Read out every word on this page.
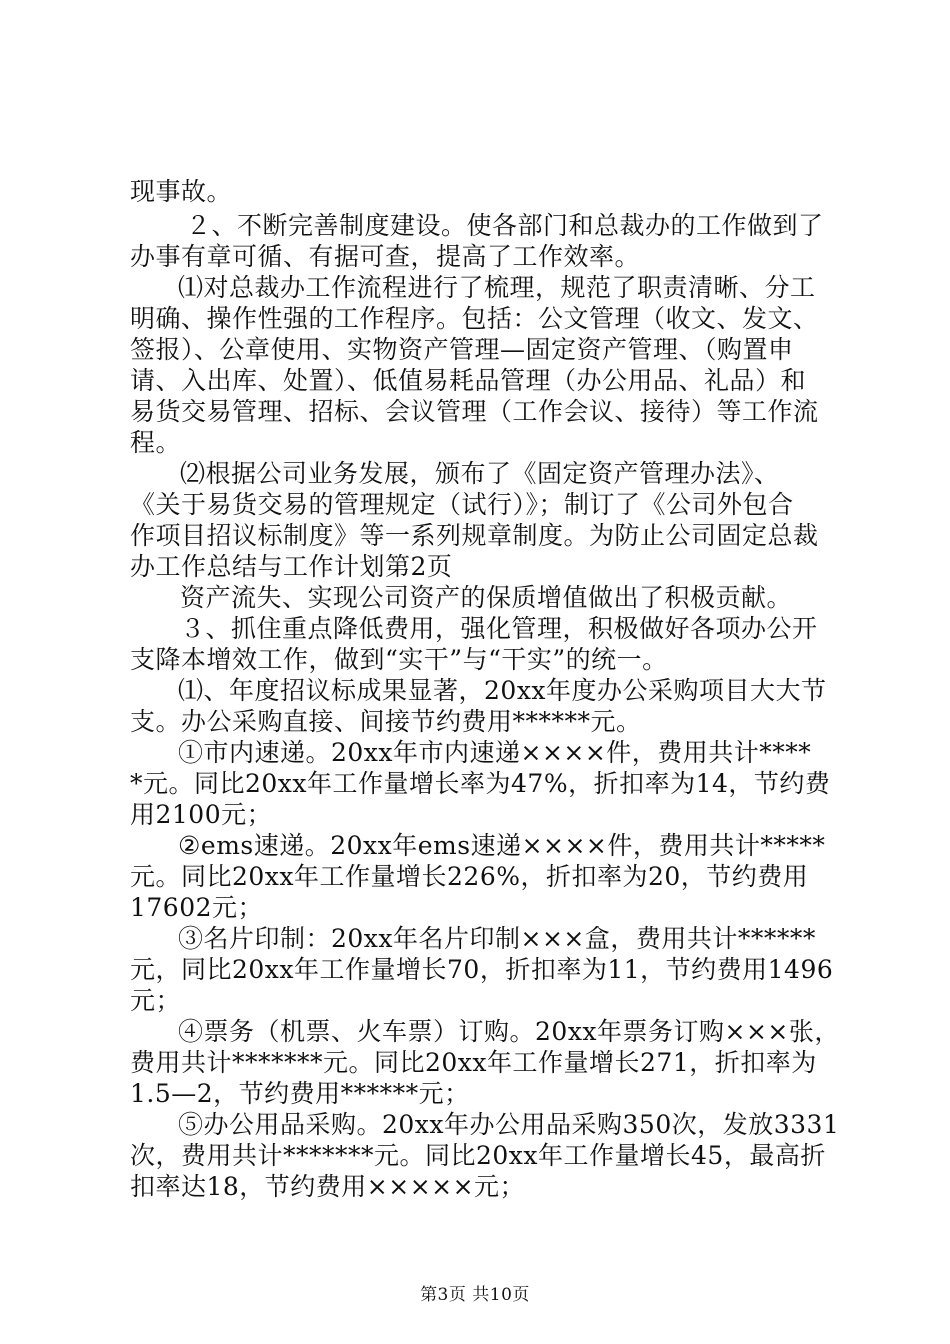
现事故。
２、不断完善制度建设。使各部门和总裁办的工作做到了
办事有章可循、有据可查，提高了工作效率。
⑴对总裁办工作流程进行了梳理，规范了职责清晰、分工
明确、操作性强的工作程序。包括：公文管理（收文、发文、
签报）、公章使用、实物资产管理—固定资产管理、（购置申
请、入出库、处置）、低值易耗品管理（办公用品、礼品）和
易货交易管理、招标、会议管理（工作会议、接待）等工作流
程。
⑵根据公司业务发展，颁布了《固定资产管理办法》、
《关于易货交易的管理规定（试行）》；制订了《公司外包合
作项目招议标制度》等一系列规章制度。为防止公司固定总裁
办工作总结与工作计划第2页
资产流失、实现公司资产的保质增值做出了积极贡献。
３、抓住重点降低费用，强化管理，积极做好各项办公开
支降本增效工作，做到“实干”与“干实”的统一。
⑴、年度招议标成果显著，20xx年度办公采购项目大大节
支。办公采购直接、间接节约费用******元。
①市内速递。20xx年市内速递××××件，费用共计****
*元。同比20xx年工作量增长率为47%，折扣率为14，节约费
用2100元；
②ems速递。20xx年ems速递××××件，费用共计*****
元。同比20xx年工作量增长226%，折扣率为20，节约费用
17602元；
③名片印制：20xx年名片印制×××盒，费用共计******
元，同比20xx年工作量增长70，折扣率为11，节约费用1496
元；
④票务（机票、火车票）订购。20xx年票务订购×××张，
费用共计*******元。同比20xx年工作量增长271，折扣率为
1.5—2，节约费用******元；
⑤办公用品采购。20xx年办公用品采购350次，发放3331
次，费用共计*******元。同比20xx年工作量增长45，最高折
扣率达18，节约费用×××××元；
第3页 共10页
